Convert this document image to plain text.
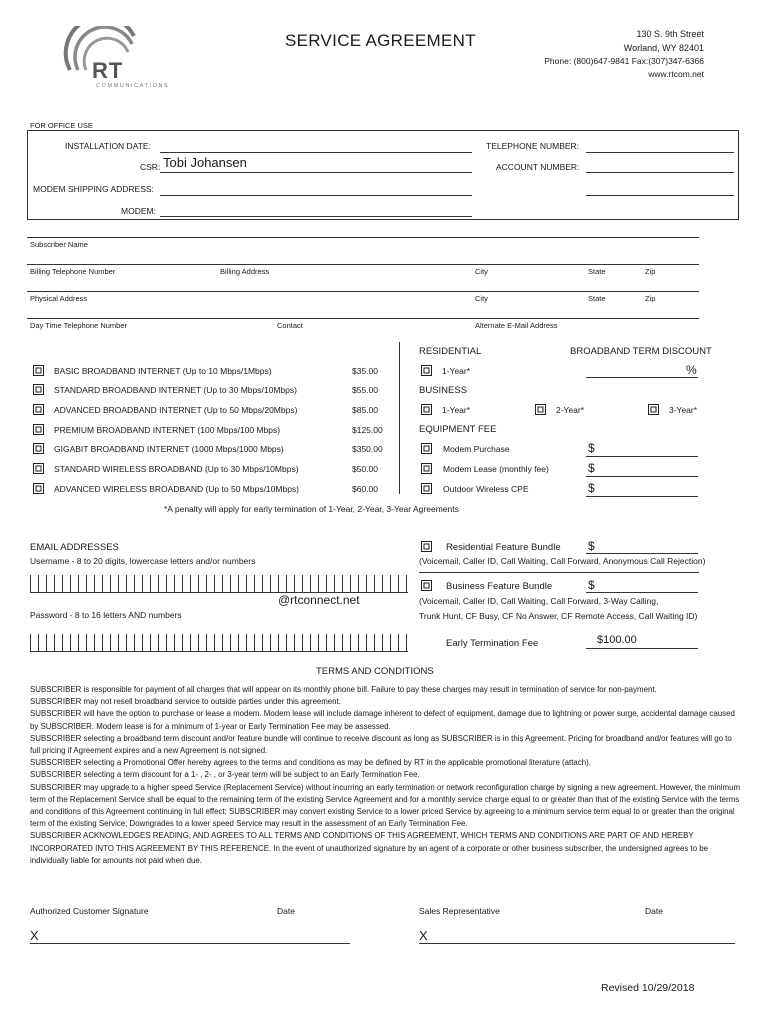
RT
COMMUNICATIONS
SERVICE AGREEMENT	130 S. 9th Street
Worland, WY 82401
Phone: (800)647-9841 Fax:(307)347-6366
www.rtcom.net
FOR OFFICE USE
INSTALLATION DATE:	TELEPHONE NUMBER:
CSR: Tobi Johansen	ACCOUNT NUMBER:
MODEM SHIPPING ADDRESS:
MODEM:
Subscriber Name
Billing Telephone Number	Billing Address	City	State	Zip
Physical Address	City	State	Zip
Day Time Telephone Number	Contact	Alternate E-Mail Address
BASIC BROADBAND INTERNET (Up to 10 Mbps/1Mbps)	$35.00
STANDARD BROADBAND INTERNET (Up to 30 Mbps/10Mbps)	$55.00
ADVANCED BROADBAND INTERNET (Up to 50 Mbps/20Mbps)	$85.00
PREMIUM BROADBAND INTERNET (100 Mbps/100 Mbps)	$125.00
GIGABIT BROADBAND INTERNET (1000 Mbps/1000 Mbps)	$350.00
STANDARD WIRELESS BROADBAND (Up to 30 Mbps/10Mbps)	$50.00
ADVANCED WIRELESS BROADBAND (Up to 50 Mbps/10Mbps)	$60.00
RESIDENTIAL	BROADBAND TERM DISCOUNT
1-Year*	%
BUSINESS
1-Year*	2-Year*	3-Year*
EQUIPMENT FEE
Modem Purchase	$
Modem Lease (monthly fee)	$
Outdoor Wireless CPE	$
*A penalty will apply for early termination of 1-Year, 2-Year, 3-Year Agreements
EMAIL ADDRESSES
Username - 8 to 20 digits, lowercase letters and/or numbers
@rtconnect.net
Password - 8 to 16 letters AND numbers
Residential Feature Bundle $
(Voicemail, Caller ID, Call Waiting, Call Forward, Anonymous Call Rejection)
Business Feature Bundle	$
(Voicemail, Caller ID, Call Waiting, Call Forward, 3-Way Calling,
Trunk Hunt, CF Busy, CF No Answer, CF Remote Access, Call Waiting ID)
Early Termination Fee	$100.00
TERMS AND CONDITIONS

SUBSCRIBER is responsible for payment of all charges that will appear on its monthly phone bill. Failure to pay these charges may result in termination of service for non-payment.

SUBSCRIBER may not resell broadband service to outside parties under this agreement.

SUBSCRIBER will have the option to purchase or lease a modem. Modem lease will include damage inherent to defect of equipment, damage due to lightning or power surge, accidental damage caused by SUBSCRIBER. Modem lease is for a minimum of 1-year or Early Termination Fee may be assessed.

SUBSCRIBER selecting a broadband term discount and/or feature bundle will continue to receive discount as long as SUBSCRIBER is in this Agreement. Pricing for broadband and/or features will go to full pricing if Agreement expires and a new Agreement is not signed.

SUBSCRIBER selecting a Promotional Offer hereby agrees to the terms and conditions as may be defined by RT in the applicable promotional literature (attach).

SUBSCRIBER selecting a term discount for a 1- , 2- , or 3-year term will be subject to an Early Termination Fee.

SUBSCRIBER may upgrade to a higher speed Service (Replacement Service) without incurring an early termination or network reconfiguration charge by signing a new agreement. However, the minimum term of the Replacement Service shall be equal to the remaining term of the existing Service Agreement and for a monthly service charge equal to or greater than that of the existing Service with the terms and conditions of this Agreement continuing in full effect; SUBSCRIBER may convert existing Service to a lower priced Service by agreeing to a minimum service term equal to or greater than the original term of the existing Service; Downgrades to a lower speed Service may result in the assessment of an Early Termination Fee.

SUBSCRIBER ACKNOWLEDGES READING, AND AGREES TO ALL TERMS AND CONDITIONS OF THIS AGREEMENT, WHICH TERMS AND CONDITIONS ARE PART OF AND HEREBY INCORPORATED INTO THIS AGREEMENT BY THIS REFERENCE. In the event of unauthorized signature by an agent of a corporate or other business subscriber, the undersigned agrees to be individually liable for amounts not paid when due.

Authorized Customer Signature	Date	Sales Representative	Date
X	X
Revised 10/29/2018
